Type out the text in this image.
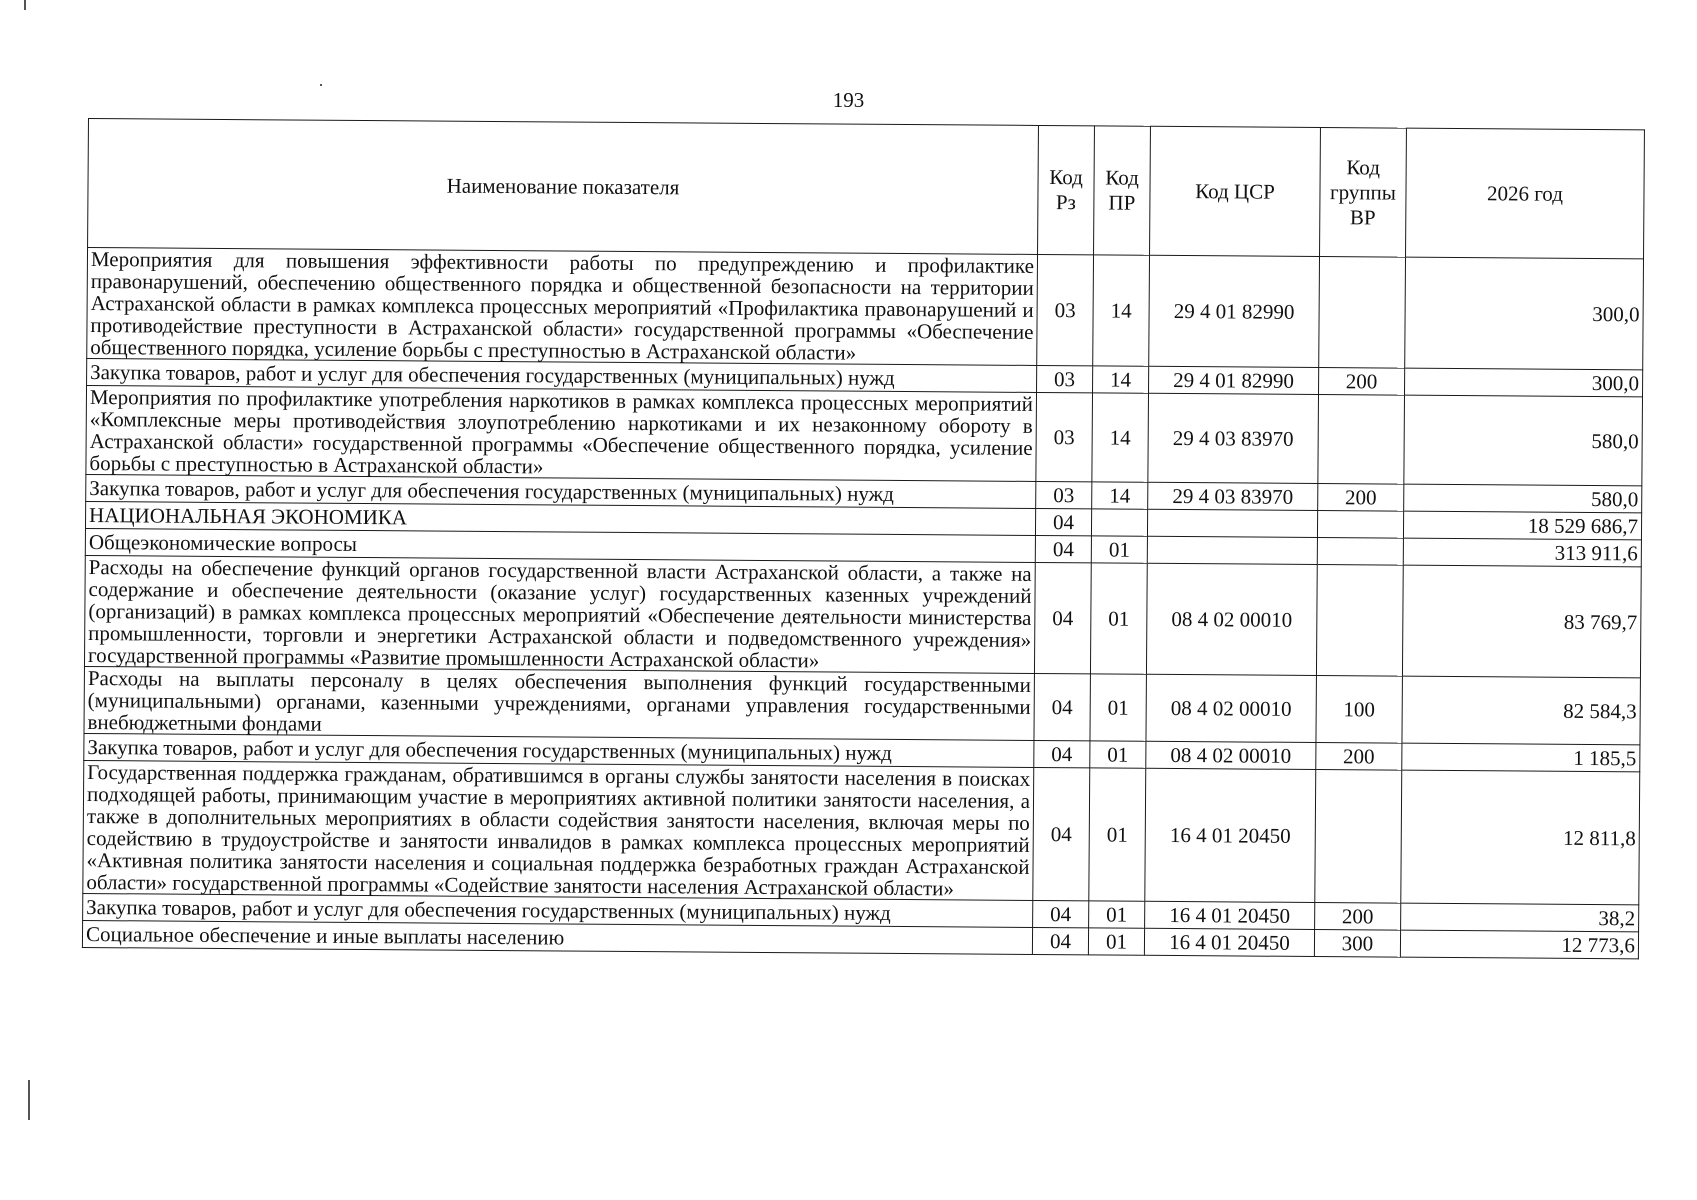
193
Наименование показателя	Код Рз	Код ПР	Код ЦСР	Код группы ВР	2026 год
Мероприятия для повышения эффективности работы по предупреждению и профилактике правонарушений, обеспечению общественного порядка и общественной безопасности на территории Астраханской области в рамках комплекса процессных мероприятий «Профилактика правонарушений и противодействие преступности в Астраханской области» государственной программы «Обеспечение общественного порядка, усиление борьбы с преступностью в Астраханской области»	03	14	29 4 01 82990		300,0
Закупка товаров, работ и услуг для обеспечения государственных (муниципальных) нужд	03	14	29 4 01 82990	200	300,0
Мероприятия по профилактике употребления наркотиков в рамках комплекса процессных мероприятий «Комплексные меры противодействия злоупотреблению наркотиками и их незаконному обороту в Астраханской области» государственной программы «Обеспечение общественного порядка, усиление борьбы с преступностью в Астраханской области»	03	14	29 4 03 83970		580,0
Закупка товаров, работ и услуг для обеспечения государственных (муниципальных) нужд	03	14	29 4 03 83970	200	580,0
НАЦИОНАЛЬНАЯ ЭКОНОМИКА	04				18 529 686,7
Общеэкономические вопросы	04	01			313 911,6
Расходы на обеспечение функций органов государственной власти Астраханской области, а также на содержание и обеспечение деятельности (оказание услуг) государственных казенных учреждений (организаций) в рамках комплекса процессных мероприятий «Обеспечение деятельности министерства промышленности, торговли и энергетики Астраханской области и подведомственного учреждения» государственной программы «Развитие промышленности Астраханской области»	04	01	08 4 02 00010		83 769,7
Расходы на выплаты персоналу в целях обеспечения выполнения функций государственными (муниципальными) органами, казенными учреждениями, органами управления государственными внебюджетными фондами	04	01	08 4 02 00010	100	82 584,3
Закупка товаров, работ и услуг для обеспечения государственных (муниципальных) нужд	04	01	08 4 02 00010	200	1 185,5
Государственная поддержка гражданам, обратившимся в органы службы занятости населения в поисках подходящей работы, принимающим участие в мероприятиях активной политики занятости населения, а также в дополнительных мероприятиях в области содействия занятости населения, включая меры по содействию в трудоустройстве и занятости инвалидов в рамках комплекса процессных мероприятий «Активная политика занятости населения и социальная поддержка безработных граждан Астраханской области» государственной программы «Содействие занятости населения Астраханской области»	04	01	16 4 01 20450		12 811,8
Закупка товаров, работ и услуг для обеспечения государственных (муниципальных) нужд	04	01	16 4 01 20450	200	38,2
Социальное обеспечение и иные выплаты населению	04	01	16 4 01 20450	300	12 773,6
